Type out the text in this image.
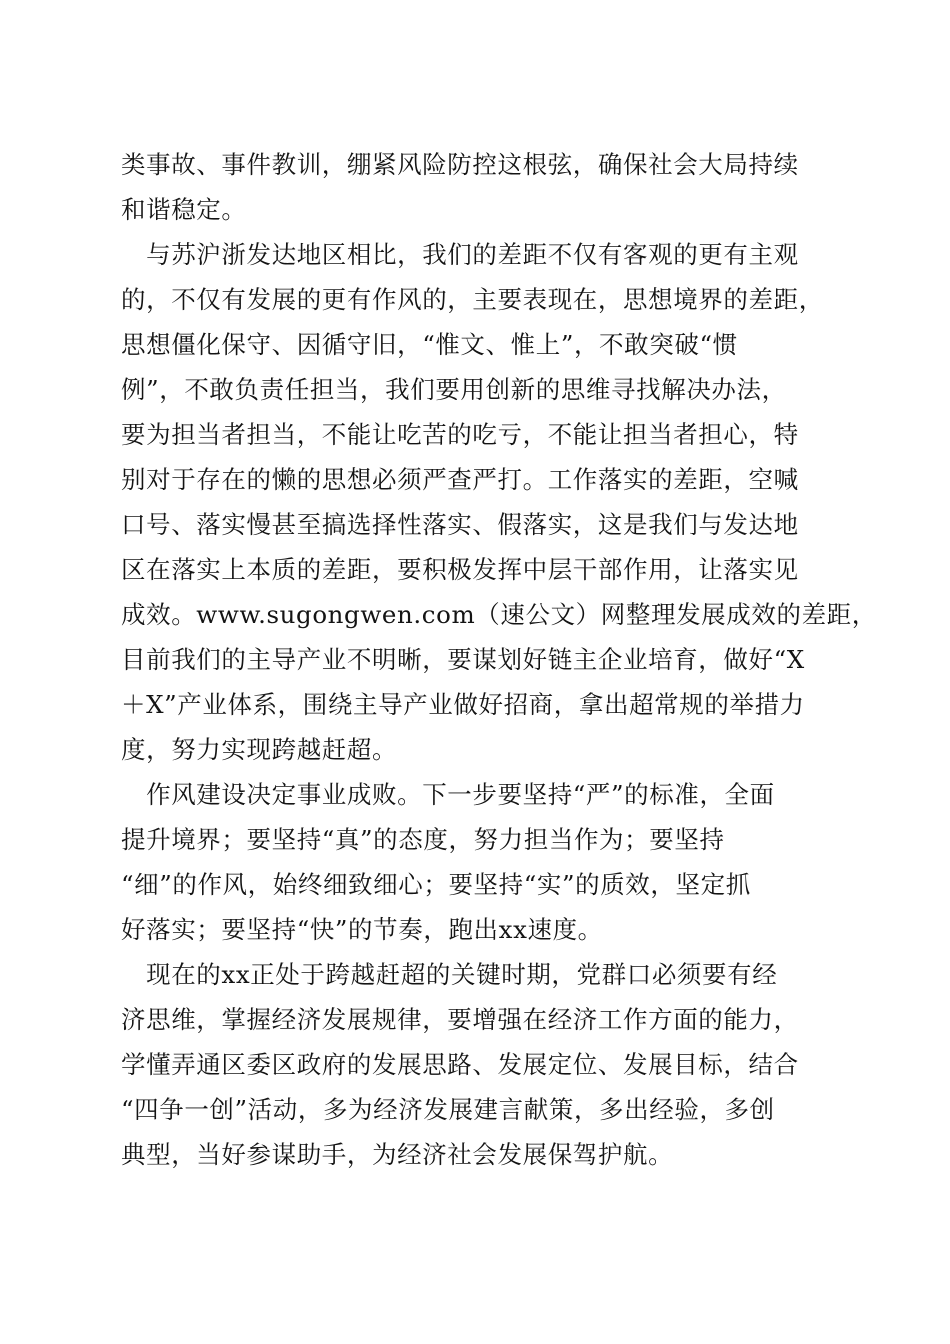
类事故、事件教训，绷紧风险防控这根弦，确保社会大局持续
和谐稳定。
　与苏沪浙发达地区相比，我们的差距不仅有客观的更有主观
的，不仅有发展的更有作风的，主要表现在，思想境界的差距，
思想僵化保守、因循守旧，“惟文、惟上”，不敢突破“惯
例”，不敢负责任担当，我们要用创新的思维寻找解决办法，
要为担当者担当，不能让吃苦的吃亏，不能让担当者担心，特
别对于存在的懒的思想必须严查严打。工作落实的差距，空喊
口号、落实慢甚至搞选择性落实、假落实，这是我们与发达地
区在落实上本质的差距，要积极发挥中层干部作用，让落实见
成效。www.sugongwen.com（速公文）网整理发展成效的差距，
目前我们的主导产业不明晰，要谋划好链主企业培育，做好“X
＋X”产业体系，围绕主导产业做好招商，拿出超常规的举措力
度，努力实现跨越赶超。
　作风建设决定事业成败。下一步要坚持“严”的标准，全面
提升境界；要坚持“真”的态度，努力担当作为；要坚持
“细”的作风，始终细致细心；要坚持“实”的质效，坚定抓
好落实；要坚持“快”的节奏，跑出xx速度。
　现在的xx正处于跨越赶超的关键时期，党群口必须要有经
济思维，掌握经济发展规律，要增强在经济工作方面的能力，
学懂弄通区委区政府的发展思路、发展定位、发展目标，结合
“四争一创”活动，多为经济发展建言献策，多出经验，多创
典型，当好参谋助手，为经济社会发展保驾护航。
